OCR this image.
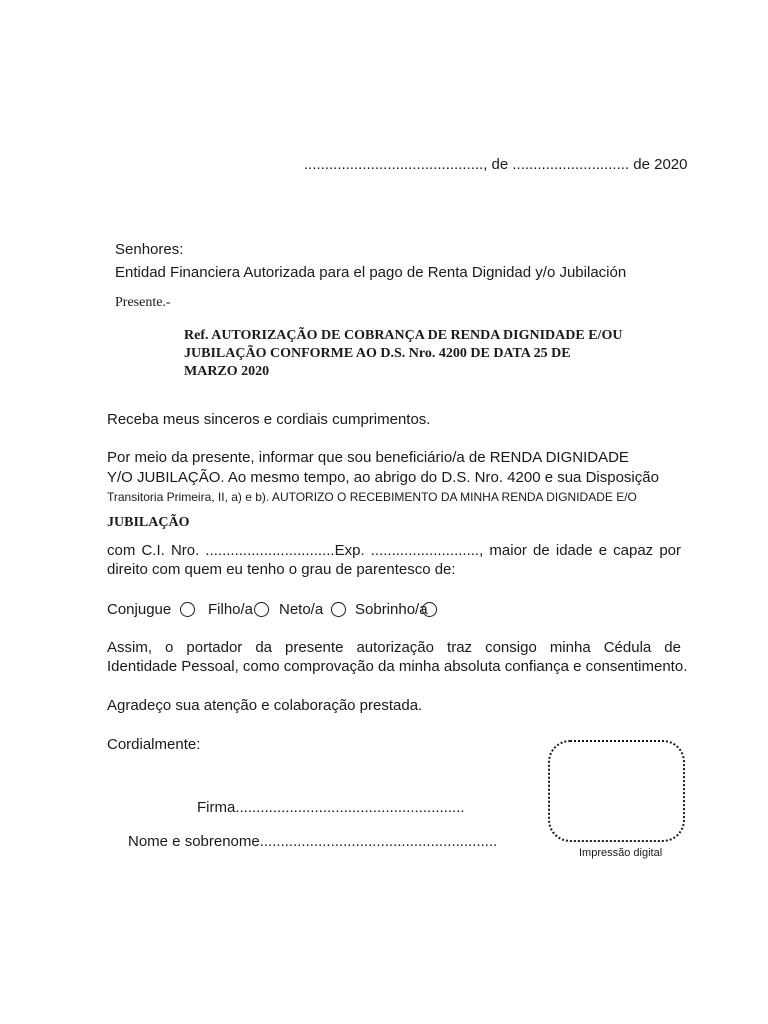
..........................................., de ............................ de 2020
Senhores:
Entidad Financiera Autorizada para el pago de Renta Dignidad y/o Jubilación
Presente.-
Ref. AUTORIZAÇÃO DE COBRANÇA DE RENDA DIGNIDADE E/OU
JUBILAÇÃO CONFORME AO D.S. Nro. 4200 DE DATA 25 DE
MARZO 2020
Receba meus sinceros e cordiais cumprimentos.
Por meio da presente, informar que sou beneficiário/a de RENDA DIGNIDADE
Y/O JUBILAÇÃO. Ao mesmo tempo, ao abrigo do D.S. Nro. 4200 e sua Disposição
Transitoria Primeira, II, a) e b). AUTORIZO O RECEBIMENTO DA MINHA RENDA DIGNIDADE E/O
JUBILAÇÃO
com C.I. Nro. ...............................Exp. .........................., maior de idade e capaz por
direito com quem eu tenho o grau de parentesco de:
Conjugue Filho/a Neto/a Sobrinho/a
Assim, o portador da presente autorização traz consigo minha Cédula de
Identidade Pessoal, como comprovação da minha absoluta confiança e consentimento.
Agradeço sua atenção e colaboração prestada.
Cordialmente:
Firma.......................................................
Nome e sobrenome.........................................................
Impressão digital
